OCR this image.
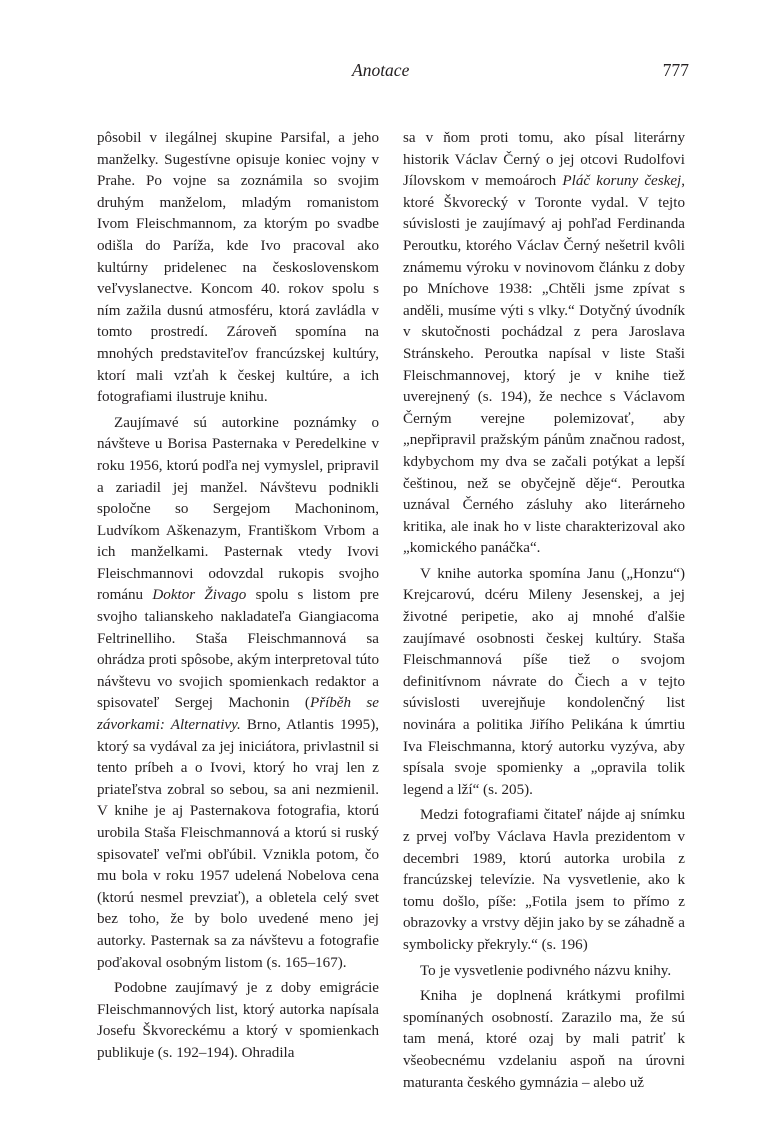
Anotace	777

pôsobil v ilegálnej skupine Parsifal, a jeho manželky. Sugestívne opisuje koniec vojny v Prahe. Po vojne sa zoznámila so svojim druhým manželom, mladým romanistom Ivom Fleischmannom, za ktorým po svadbe odišla do Paríža, kde Ivo pracoval ako kultúrny pridelenec na československom veľvyslanectve. Koncom 40. rokov spolu s ním zažila dusnú atmosféru, ktorá zavládla v tomto prostredí. Zároveň spomína na mnohých predstaviteľov francúzskej kultúry, ktorí mali vzťah k českej kultúre, a ich fotografiami ilustruje knihu.

Zaujímavé sú autorkine poznámky o návšteve u Borisa Pasternaka v Peredelkine v roku 1956, ktorú podľa nej vymyslel, pripravil a zariadil jej manžel. Návštevu podnikli spoločne so Sergejom Machoninom, Ludvíkom Aškenazym, Františkom Vrbom a ich manželkami. Pasternak vtedy Ivovi Fleischmannovi odovzdal rukopis svojho románu Doktor Živago spolu s listom pre svojho talianskeho nakladateľa Giangiacoma Feltrinelliho. Staša Fleischmannová sa ohrádza proti spôsobe, akým interpretoval túto návštevu vo svojich spomienkach redaktor a spisovateľ Sergej Machonin (Příběh se závorkami: Alternativy. Brno, Atlantis 1995), ktorý sa vydával za jej iniciátora, privlastnil si tento príbeh a o Ivovi, ktorý ho vraj len z priateľstva zobral so sebou, sa ani nezmienil. V knihe je aj Pasternakova fotografia, ktorú urobila Staša Fleischmannová a ktorú si ruský spisovateľ veľmi obľúbil. Vznikla potom, čo mu bola v roku 1957 udelená Nobelova cena (ktorú nesmel prevziať), a obletela celý svet bez toho, že by bolo uvedené meno jej autorky. Pasternak sa za návštevu a fotografie poďakoval osobným listom (s. 165–167).

Podobne zaujímavý je z doby emigrácie Fleischmannových list, ktorý autorka napísala Josefu Škvoreckému a ktorý v spomienkach publikuje (s. 192–194). Ohradila

sa v ňom proti tomu, ako písal literárny historik Václav Černý o jej otcovi Rudolfovi Jílovskom v memoároch Pláč koruny českej, ktoré Škvorecký v Toronte vydal. V tejto súvislosti je zaujímavý aj pohľad Ferdinanda Peroutku, ktorého Václav Černý nešetril kvôli známemu výroku v novinovom článku z doby po Mníchove 1938: „Chtěli jsme zpívat s anděli, musíme výti s vlky.“ Dotyčný úvodník v skutočnosti pochádzal z pera Jaroslava Stránskeho. Peroutka napísal v liste Staši Fleischmannovej, ktorý je v knihe tiež uverejnený (s. 194), že nechce s Václavom Černým verejne polemizovať, aby „nepřipravil pražským pánům značnou radost, kdybychom my dva se začali potýkat a lepší češtinou, než se obyčejně děje“. Peroutka uznával Černého zásluhy ako literárneho kritika, ale inak ho v liste charakterizoval ako „komického panáčka“.

V knihe autorka spomína Janu („Honzu“) Krejcarovú, dcéru Mileny Jesenskej, a jej životné peripetie, ako aj mnohé ďalšie zaujímavé osobnosti českej kultúry. Staša Fleischmannová píše tiež o svojom definitívnom návrate do Čiech a v tejto súvislosti uverejňuje kondolenčný list novinára a politika Jiřího Pelikána k úmrtiu Iva Fleischmanna, ktorý autorku vyzýva, aby spísala svoje spomienky a „opravila tolik legend a lží“ (s. 205).

Medzi fotografiami čitateľ nájde aj snímku z prvej voľby Václava Havla prezidentom v decembri 1989, ktorú autorka urobila z francúzskej televízie. Na vysvetlenie, ako k tomu došlo, píše: „Fotila jsem to přímo z obrazovky a vrstvy dějin jako by se záhadně a symbolicky překryly.“ (s. 196)

To je vysvetlenie podivného názvu knihy.

Kniha je doplnená krátkymi profilmi spomínaných osobností. Zarazilo ma, že sú tam mená, ktoré ozaj by mali patriť k všeobecnému vzdelaniu aspoň na úrovni maturanta českého gymnázia – alebo už
